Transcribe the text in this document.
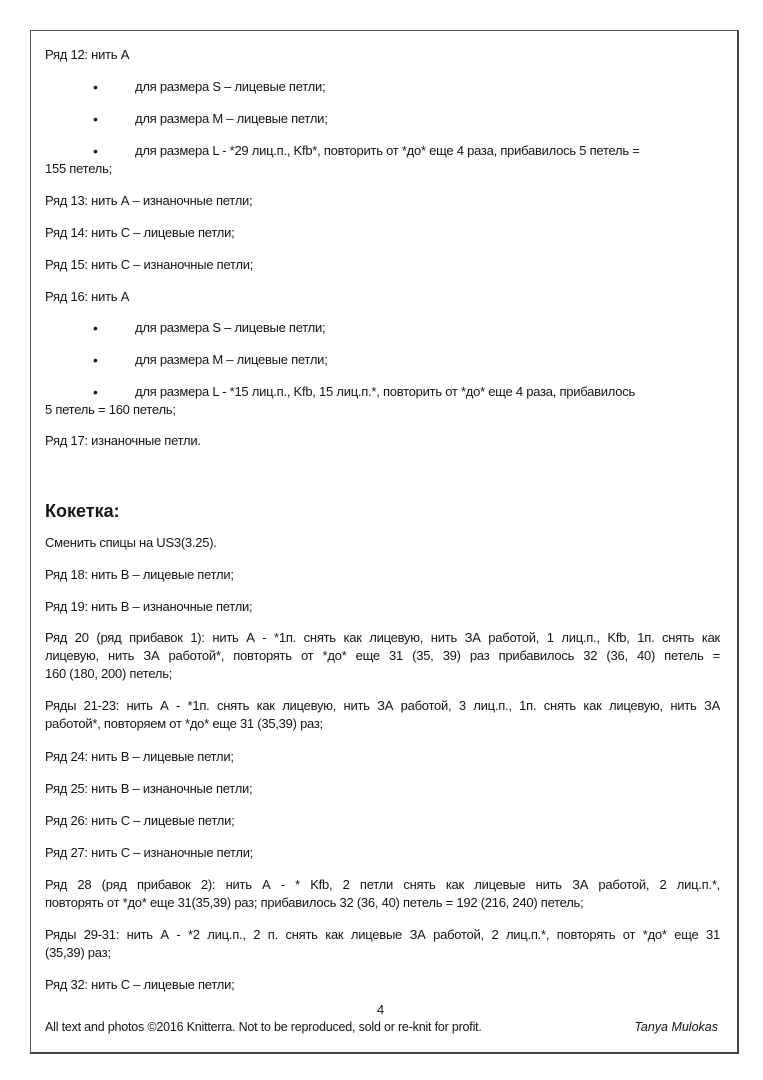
Ряд 12: нить А
•	для размера S – лицевые петли;
•	для размера M – лицевые петли;
•	для размера L - *29 лиц.п., Kfb*, повторить от *до* еще 4 раза, прибавилось 5 петель =
155 петель;
Ряд 13: нить А – изнаночные петли;
Ряд 14: нить С – лицевые петли;
Ряд 15: нить С – изнаночные петли;
Ряд 16: нить А
•	для размера S – лицевые петли;
•	для размера M – лицевые петли;
•	для размера L - *15 лиц.п., Kfb, 15 лиц.п.*, повторить от *до* еще 4 раза, прибавилось
5 петель = 160 петель;
Ряд 17: изнаночные петли.
Кокетка:
Сменить спицы на US3(3.25).
Ряд 18: нить В – лицевые петли;
Ряд 19: нить В – изнаночные петли;
Ряд 20 (ряд прибавок 1): нить А - *1п. снять как лицевую, нить ЗА работой, 1 лиц.п., Kfb, 1п. снять как
лицевую, нить ЗА работой*, повторять от *до* еще 31 (35, 39) раз прибавилось 32 (36, 40) петель =
160 (180, 200) петель;
Ряды 21-23: нить А - *1п. снять как лицевую, нить ЗА работой, 3 лиц.п., 1п. снять как лицевую, нить ЗА
работой*, повторяем от *до* еще 31 (35,39) раз;
Ряд 24: нить В – лицевые петли;
Ряд 25: нить В – изнаночные петли;
Ряд 26: нить С – лицевые петли;
Ряд 27: нить С – изнаночные петли;
Ряд 28 (ряд прибавок 2): нить А - * Kfb, 2 петли снять как лицевые нить ЗА работой, 2 лиц.п.*,
повторять от *до* еще 31(35,39) раз; прибавилось 32 (36, 40) петель = 192 (216, 240) петель;
Ряды 29-31: нить А - *2 лиц.п., 2 п. снять как лицевые ЗА работой, 2 лиц.п.*, повторять от *до* еще 31
(35,39) раз;
Ряд 32: нить С – лицевые петли;
4
All text and photos ©2016 Knitterra. Not to be reproduced, sold or re-knit for profit.	Tanya Mulokas
